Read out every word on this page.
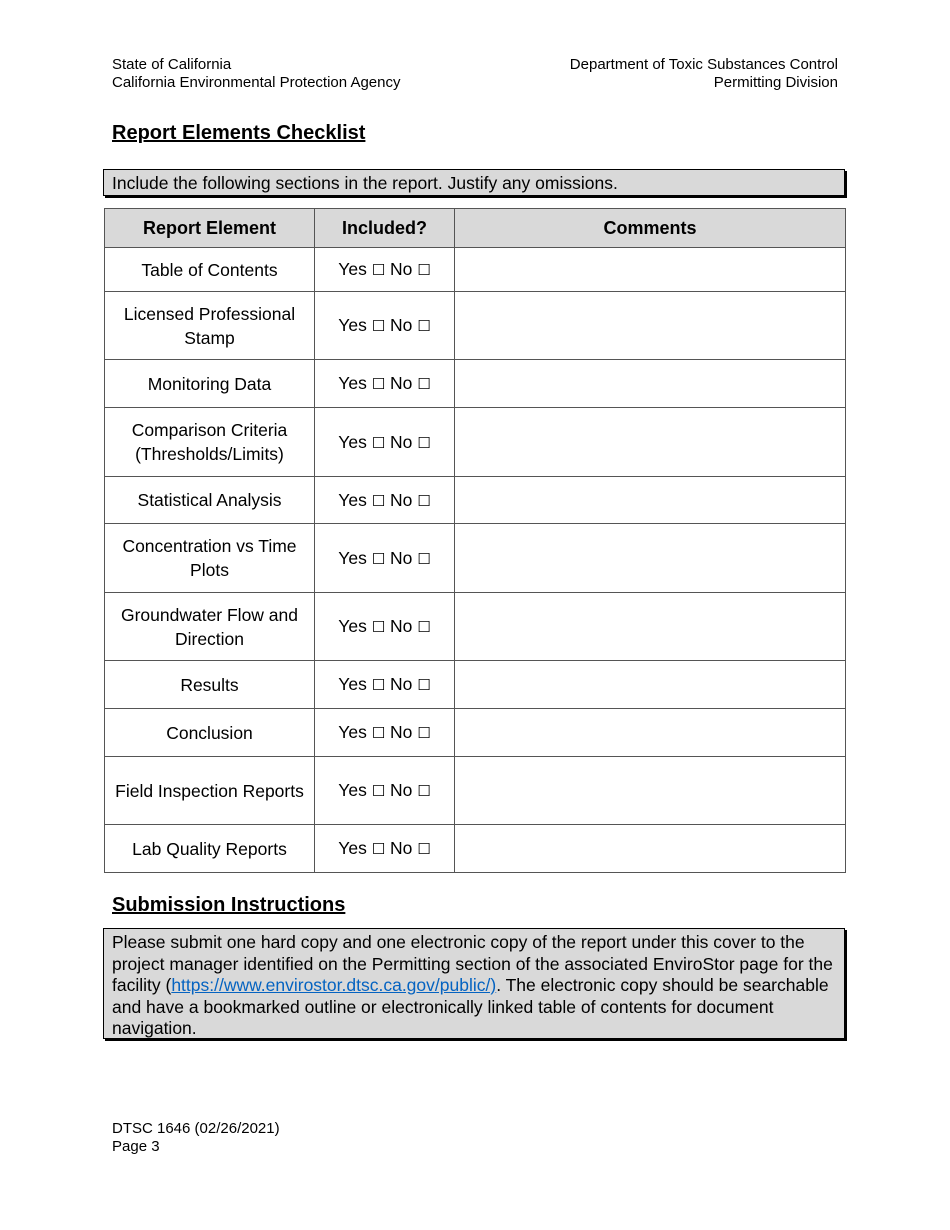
State of California
California Environmental Protection Agency
Department of Toxic Substances Control
Permitting Division
Report Elements Checklist
Include the following sections in the report. Justify any omissions.
Report Element	Included?	Comments
Table of Contents	Yes ☐ No ☐	
Licensed Professional Stamp	Yes ☐ No ☐	
Monitoring Data	Yes ☐ No ☐	
Comparison Criteria (Thresholds/Limits)	Yes ☐ No ☐	
Statistical Analysis	Yes ☐ No ☐	
Concentration vs Time Plots	Yes ☐ No ☐	
Groundwater Flow and Direction	Yes ☐ No ☐	
Results	Yes ☐ No ☐	
Conclusion	Yes ☐ No ☐	
Field Inspection Reports	Yes ☐ No ☐	
Lab Quality Reports	Yes ☐ No ☐	
Submission Instructions
Please submit one hard copy and one electronic copy of the report under this cover to the project manager identified on the Permitting section of the associated EnviroStor page for the facility (https://www.envirostor.dtsc.ca.gov/public/). The electronic copy should be searchable and have a bookmarked outline or electronically linked table of contents for document navigation.
DTSC 1646 (02/26/2021)
Page 3
